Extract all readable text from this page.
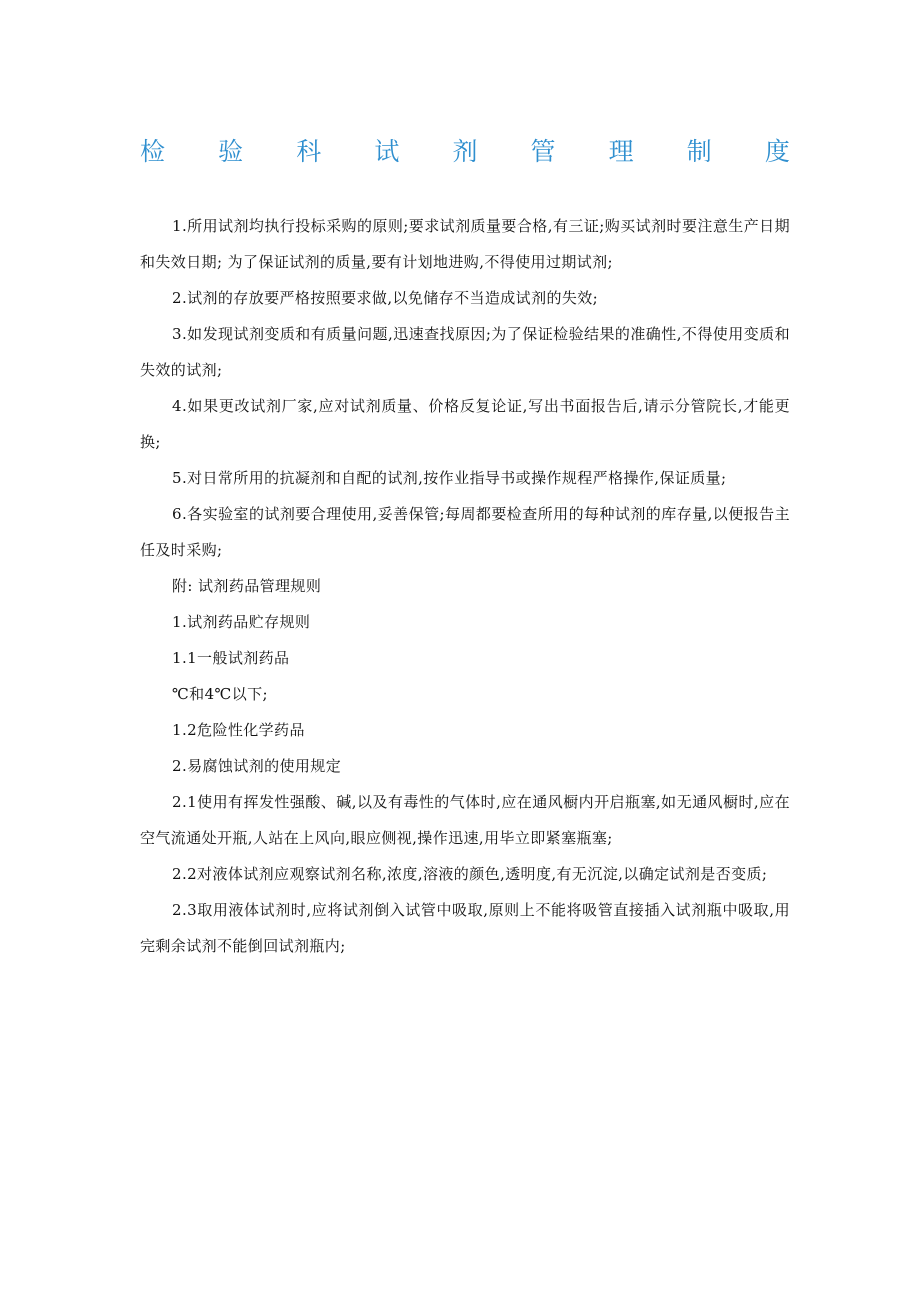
检 验 科 试 剂 管 理 制 度

1.所用试剂均执行投标采购的原则;要求试剂质量要合格,有三证;购买试剂时要注意生产日期和失效日期; 为了保证试剂的质量,要有计划地进购,不得使用过期试剂;

2.试剂的存放要严格按照要求做,以免储存不当造成试剂的失效;

3.如发现试剂变质和有质量问题,迅速查找原因;为了保证检验结果的准确性,不得使用变质和失效的试剂;

4.如果更改试剂厂家,应对试剂质量、价格反复论证,写出书面报告后,请示分管院长,才能更换;

5.对日常所用的抗凝剂和自配的试剂,按作业指导书或操作规程严格操作,保证质量;

6.各实验室的试剂要合理使用,妥善保管;每周都要检查所用的每种试剂的库存量,以便报告主任及时采购;

附: 试剂药品管理规则

1.试剂药品贮存规则

1.1一般试剂药品

℃和4℃以下;

1.2危险性化学药品

2.易腐蚀试剂的使用规定

2.1使用有挥发性强酸、碱,以及有毒性的气体时,应在通风橱内开启瓶塞,如无通风橱时,应在空气流通处开瓶,人站在上风向,眼应侧视,操作迅速,用毕立即紧塞瓶塞;

2.2对液体试剂应观察试剂名称,浓度,溶液的颜色,透明度,有无沉淀,以确定试剂是否变质;

2.3取用液体试剂时,应将试剂倒入试管中吸取,原则上不能将吸管直接插入试剂瓶中吸取,用完剩余试剂不能倒回试剂瓶内;
